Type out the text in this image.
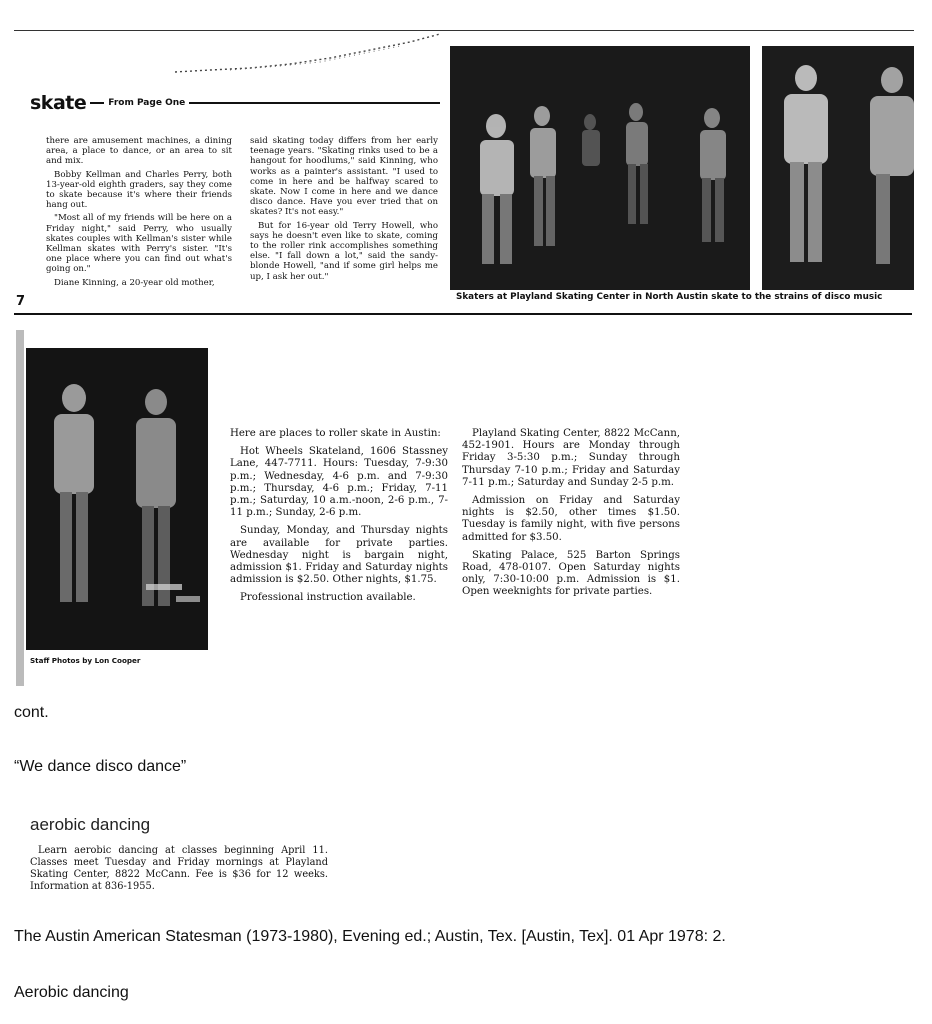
skate From Page One

there are amusement machines, a dining area, a place to dance, or an area to sit and mix.

Bobby Kellman and Charles Perry, both 13-year-old eighth graders, say they come to skate because it's where their friends hang out.

"Most all of my friends will be here on a Friday night," said Perry, who usually skates couples with Kellman's sister while Kellman skates with Perry's sister. "It's one place where you can find out what's going on."

Diane Kinning, a 20-year old mother,

said skating today differs from her early teenage years. "Skating rinks used to be a hangout for hoodlums," said Kinning, who works as a painter's assistant. "I used to come in here and be halfway scared to skate. Now I come in here and we dance disco dance. Have you ever tried that on skates? It's not easy."

But for 16-year old Terry Howell, who says he doesn't even like to skate, coming to the roller rink accomplishes something else. "I fall down a lot," said the sandy-blonde Howell, "and if some girl helps me up, I ask her out."

7	Skaters at Playland Skating Center in North Austin skate to the strains of disco music
Staff Photos by Lon Cooper

Here are places to roller skate in Austin:

Hot Wheels Skateland, 1606 Stassney Lane, 447-7711. Hours: Tuesday, 7-9:30 p.m.; Wednesday, 4-6 p.m. and 7-9:30 p.m.; Thursday, 4-6 p.m.; Friday, 7-11 p.m.; Saturday, 10 a.m.-noon, 2-6 p.m., 7-11 p.m.; Sunday, 2-6 p.m.

Sunday, Monday, and Thursday nights are available for private parties. Wednesday night is bargain night, admission $1. Friday and Saturday nights admission is $2.50. Other nights, $1.75.

Professional instruction available.

Playland Skating Center, 8822 McCann, 452-1901. Hours are Monday through Friday 3-5:30 p.m.; Sunday through Thursday 7-10 p.m.; Friday and Saturday 7-11 p.m.; Saturday and Sunday 2-5 p.m.

Admission on Friday and Saturday nights is $2.50, other times $1.50. Tuesday is family night, with five persons admitted for $3.50.

Skating Palace, 525 Barton Springs Road, 478-0107. Open Saturday nights only, 7:30-10:00 p.m. Admission is $1. Open weeknights for private parties.

cont.
“We dance disco dance”
aerobic dancing

Learn aerobic dancing at classes beginning April 11. Classes meet Tuesday and Friday mornings at Playland Skating Center, 8822 McCann. Fee is $36 for 12 weeks. Information at 836-1955.

The Austin American Statesman (1973-1980), Evening ed.; Austin, Tex. [Austin, Tex]. 01 Apr 1978: 2.
Aerobic dancing
